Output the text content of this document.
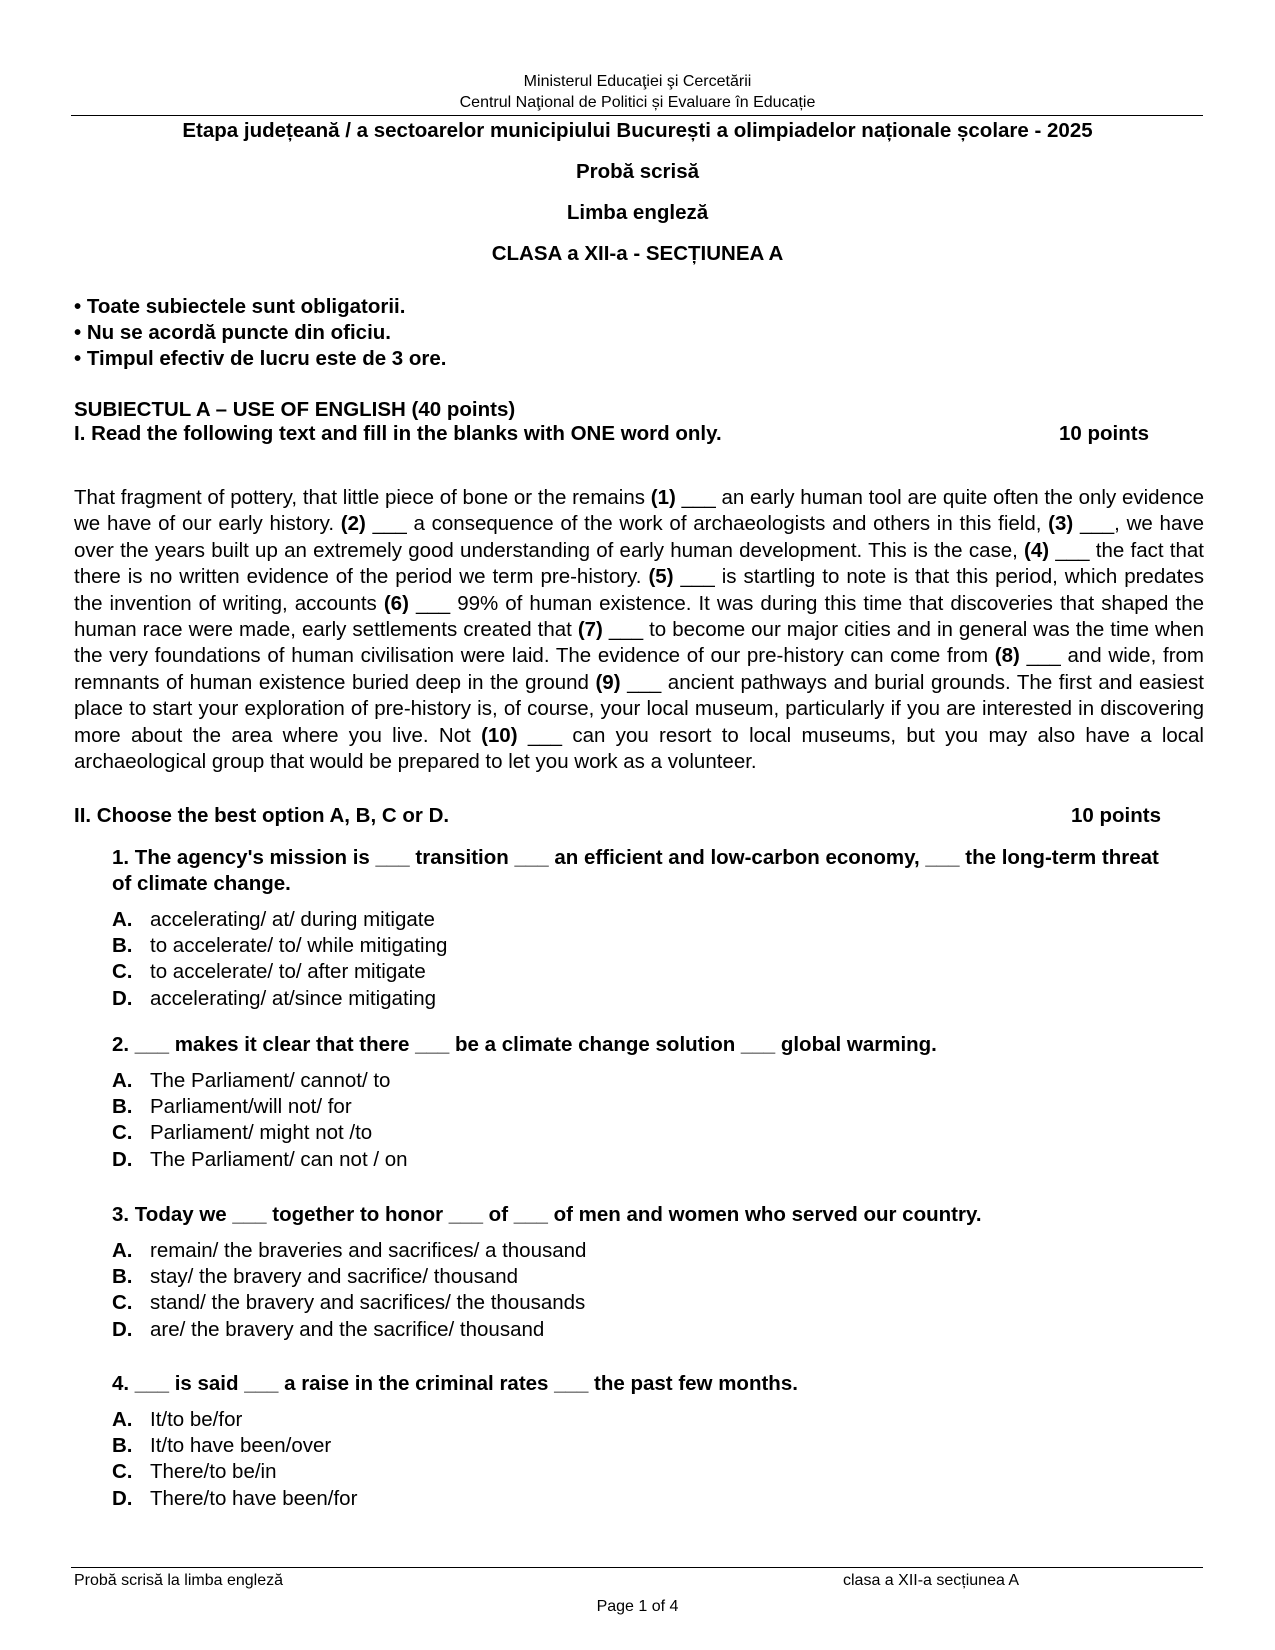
Ministerul Educaţiei şi Cercetării
Centrul Naţional de Politici și Evaluare în Educație
Etapa județeană / a sectoarelor municipiului București a olimpiadelor naționale școlare - 2025
Probă scrisă
Limba engleză
CLASA a XII-a - SECȚIUNEA A
• Toate subiectele sunt obligatorii.
• Nu se acordă puncte din oficiu.
• Timpul efectiv de lucru este de 3 ore.
SUBIECTUL A – USE OF ENGLISH (40 points)
I. Read the following text and fill in the blanks with ONE word only.	10 points
That fragment of pottery, that little piece of bone or the remains (1) ___ an early human tool are quite often the only evidence we have of our early history. (2) ___ a consequence of the work of archaeologists and others in this field, (3) ___, we have over the years built up an extremely good understanding of early human development. This is the case, (4) ___ the fact that there is no written evidence of the period we term pre-history. (5) ___ is startling to note is that this period, which predates the invention of writing, accounts (6) ___ 99% of human existence. It was during this time that discoveries that shaped the human race were made, early settlements created that (7) ___ to become our major cities and in general was the time when the very foundations of human civilisation were laid. The evidence of our pre-history can come from (8) ___ and wide, from remnants of human existence buried deep in the ground (9) ___ ancient pathways and burial grounds. The first and easiest place to start your exploration of pre-history is, of course, your local museum, particularly if you are interested in discovering more about the area where you live. Not (10) ___ can you resort to local museums, but you may also have a local archaeological group that would be prepared to let you work as a volunteer.
II. Choose the best option A, B, C or D.	10 points
1. The agency's mission is ___ transition ___ an efficient and low-carbon economy, ___ the long-term threat of climate change.
A. accelerating/ at/ during mitigate
B. to accelerate/ to/ while mitigating
C. to accelerate/ to/ after mitigate
D. accelerating/ at/since mitigating
2. ___ makes it clear that there ___ be a climate change solution ___ global warming.
A. The Parliament/ cannot/ to
B. Parliament/will not/ for
C. Parliament/ might not /to
D. The Parliament/ can not / on
3. Today we ___ together to honor ___ of ___ of men and women who served our country.
A. remain/ the braveries and sacrifices/ a thousand
B. stay/ the bravery and sacrifice/ thousand
C. stand/ the bravery and sacrifices/ the thousands
D. are/ the bravery and the sacrifice/ thousand
4. ___ is said ___ a raise in the criminal rates ___ the past few months.
A. It/to be/for
B. It/to have been/over
C. There/to be/in
D. There/to have been/for
Probă scrisă la limba engleză	clasa a XII-a secțiunea A
Page 1 of 4
